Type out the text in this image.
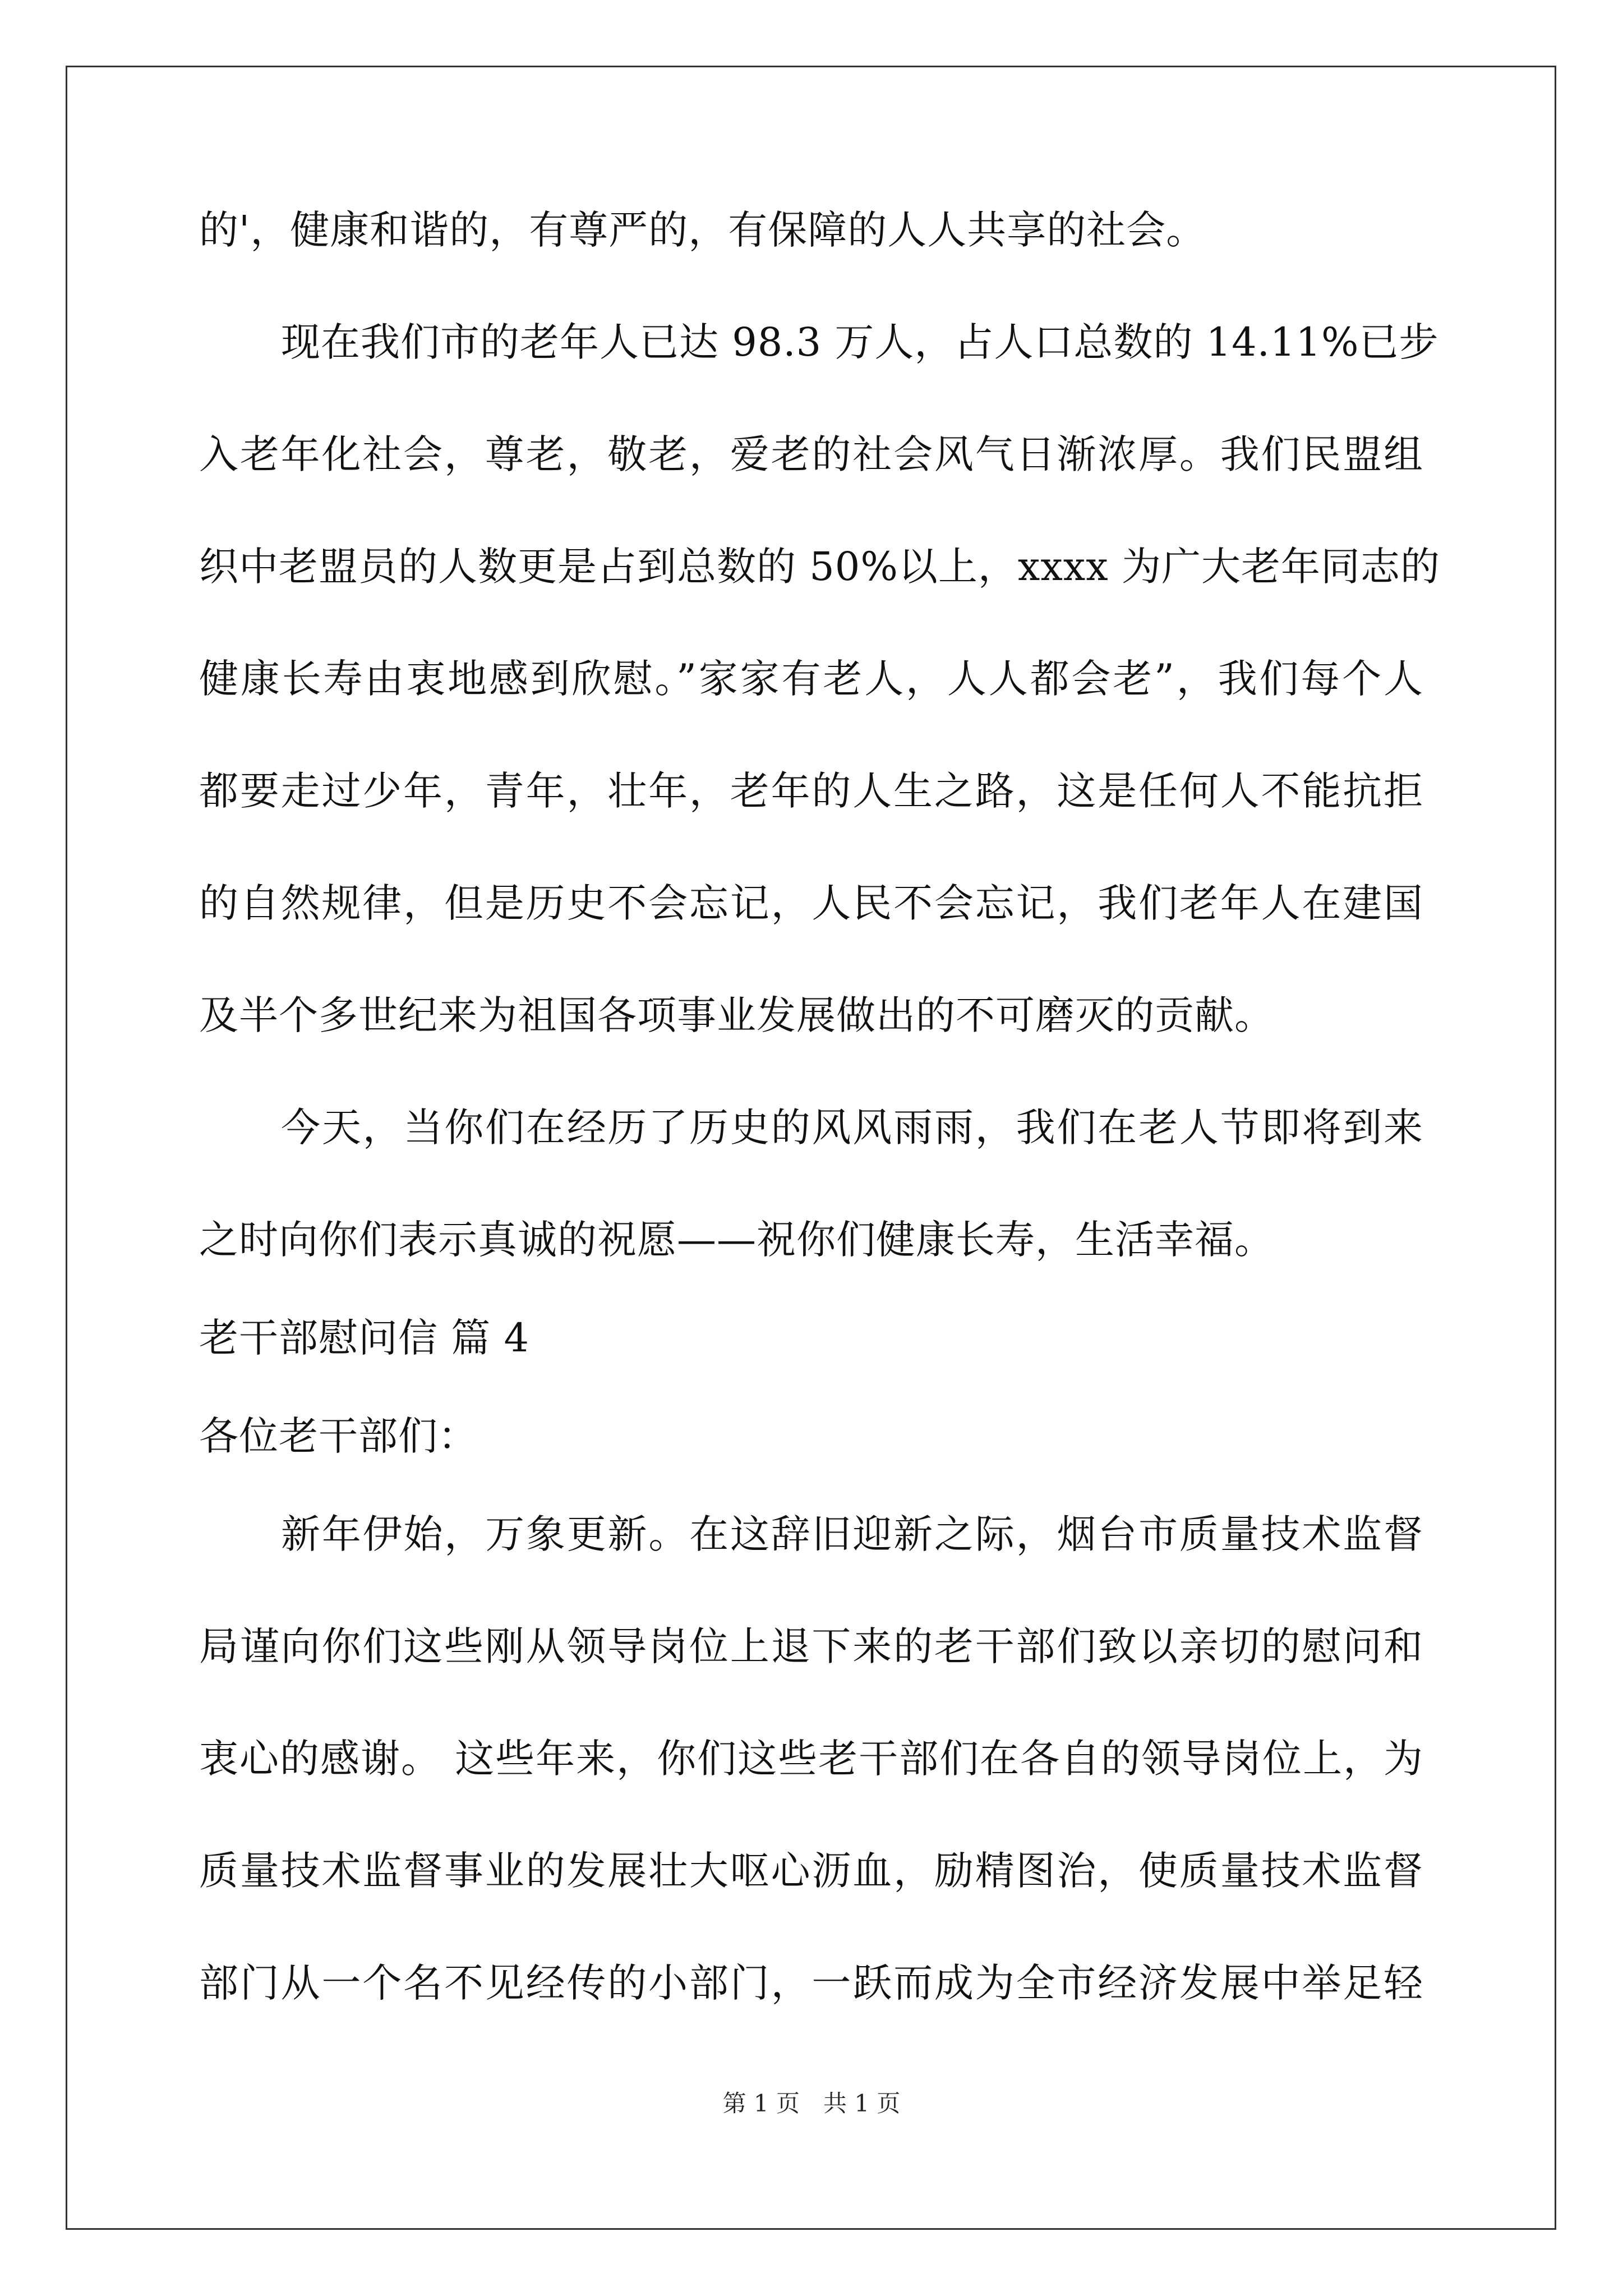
的'，健康和谐的，有尊严的，有保障的人人共享的社会。
现在我们市的老年人已达 98.3 万人，占人口总数的 14.11%已步
入老年化社会，尊老，敬老，爱老的社会风气日渐浓厚。我们民盟组
织中老盟员的人数更是占到总数的 50%以上，xxxx 为广大老年同志的
健康长寿由衷地感到欣慰。”家家有老人，人人都会老”，我们每个人
都要走过少年，青年，壮年，老年的人生之路，这是任何人不能抗拒
的自然规律，但是历史不会忘记，人民不会忘记，我们老年人在建国
及半个多世纪来为祖国各项事业发展做出的不可磨灭的贡献。
今天，当你们在经历了历史的风风雨雨，我们在老人节即将到来
之时向你们表示真诚的祝愿——祝你们健康长寿，生活幸福。
老干部慰问信 篇 4
各位老干部们：
新年伊始，万象更新。在这辞旧迎新之际，烟台市质量技术监督
局谨向你们这些刚从领导岗位上退下来的老干部们致以亲切的慰问和
衷心的感谢。 这些年来，你们这些老干部们在各自的领导岗位上，为
质量技术监督事业的发展壮大呕心沥血，励精图治，使质量技术监督
部门从一个名不见经传的小部门，一跃而成为全市经济发展中举足轻
第 1 页　共 1 页
